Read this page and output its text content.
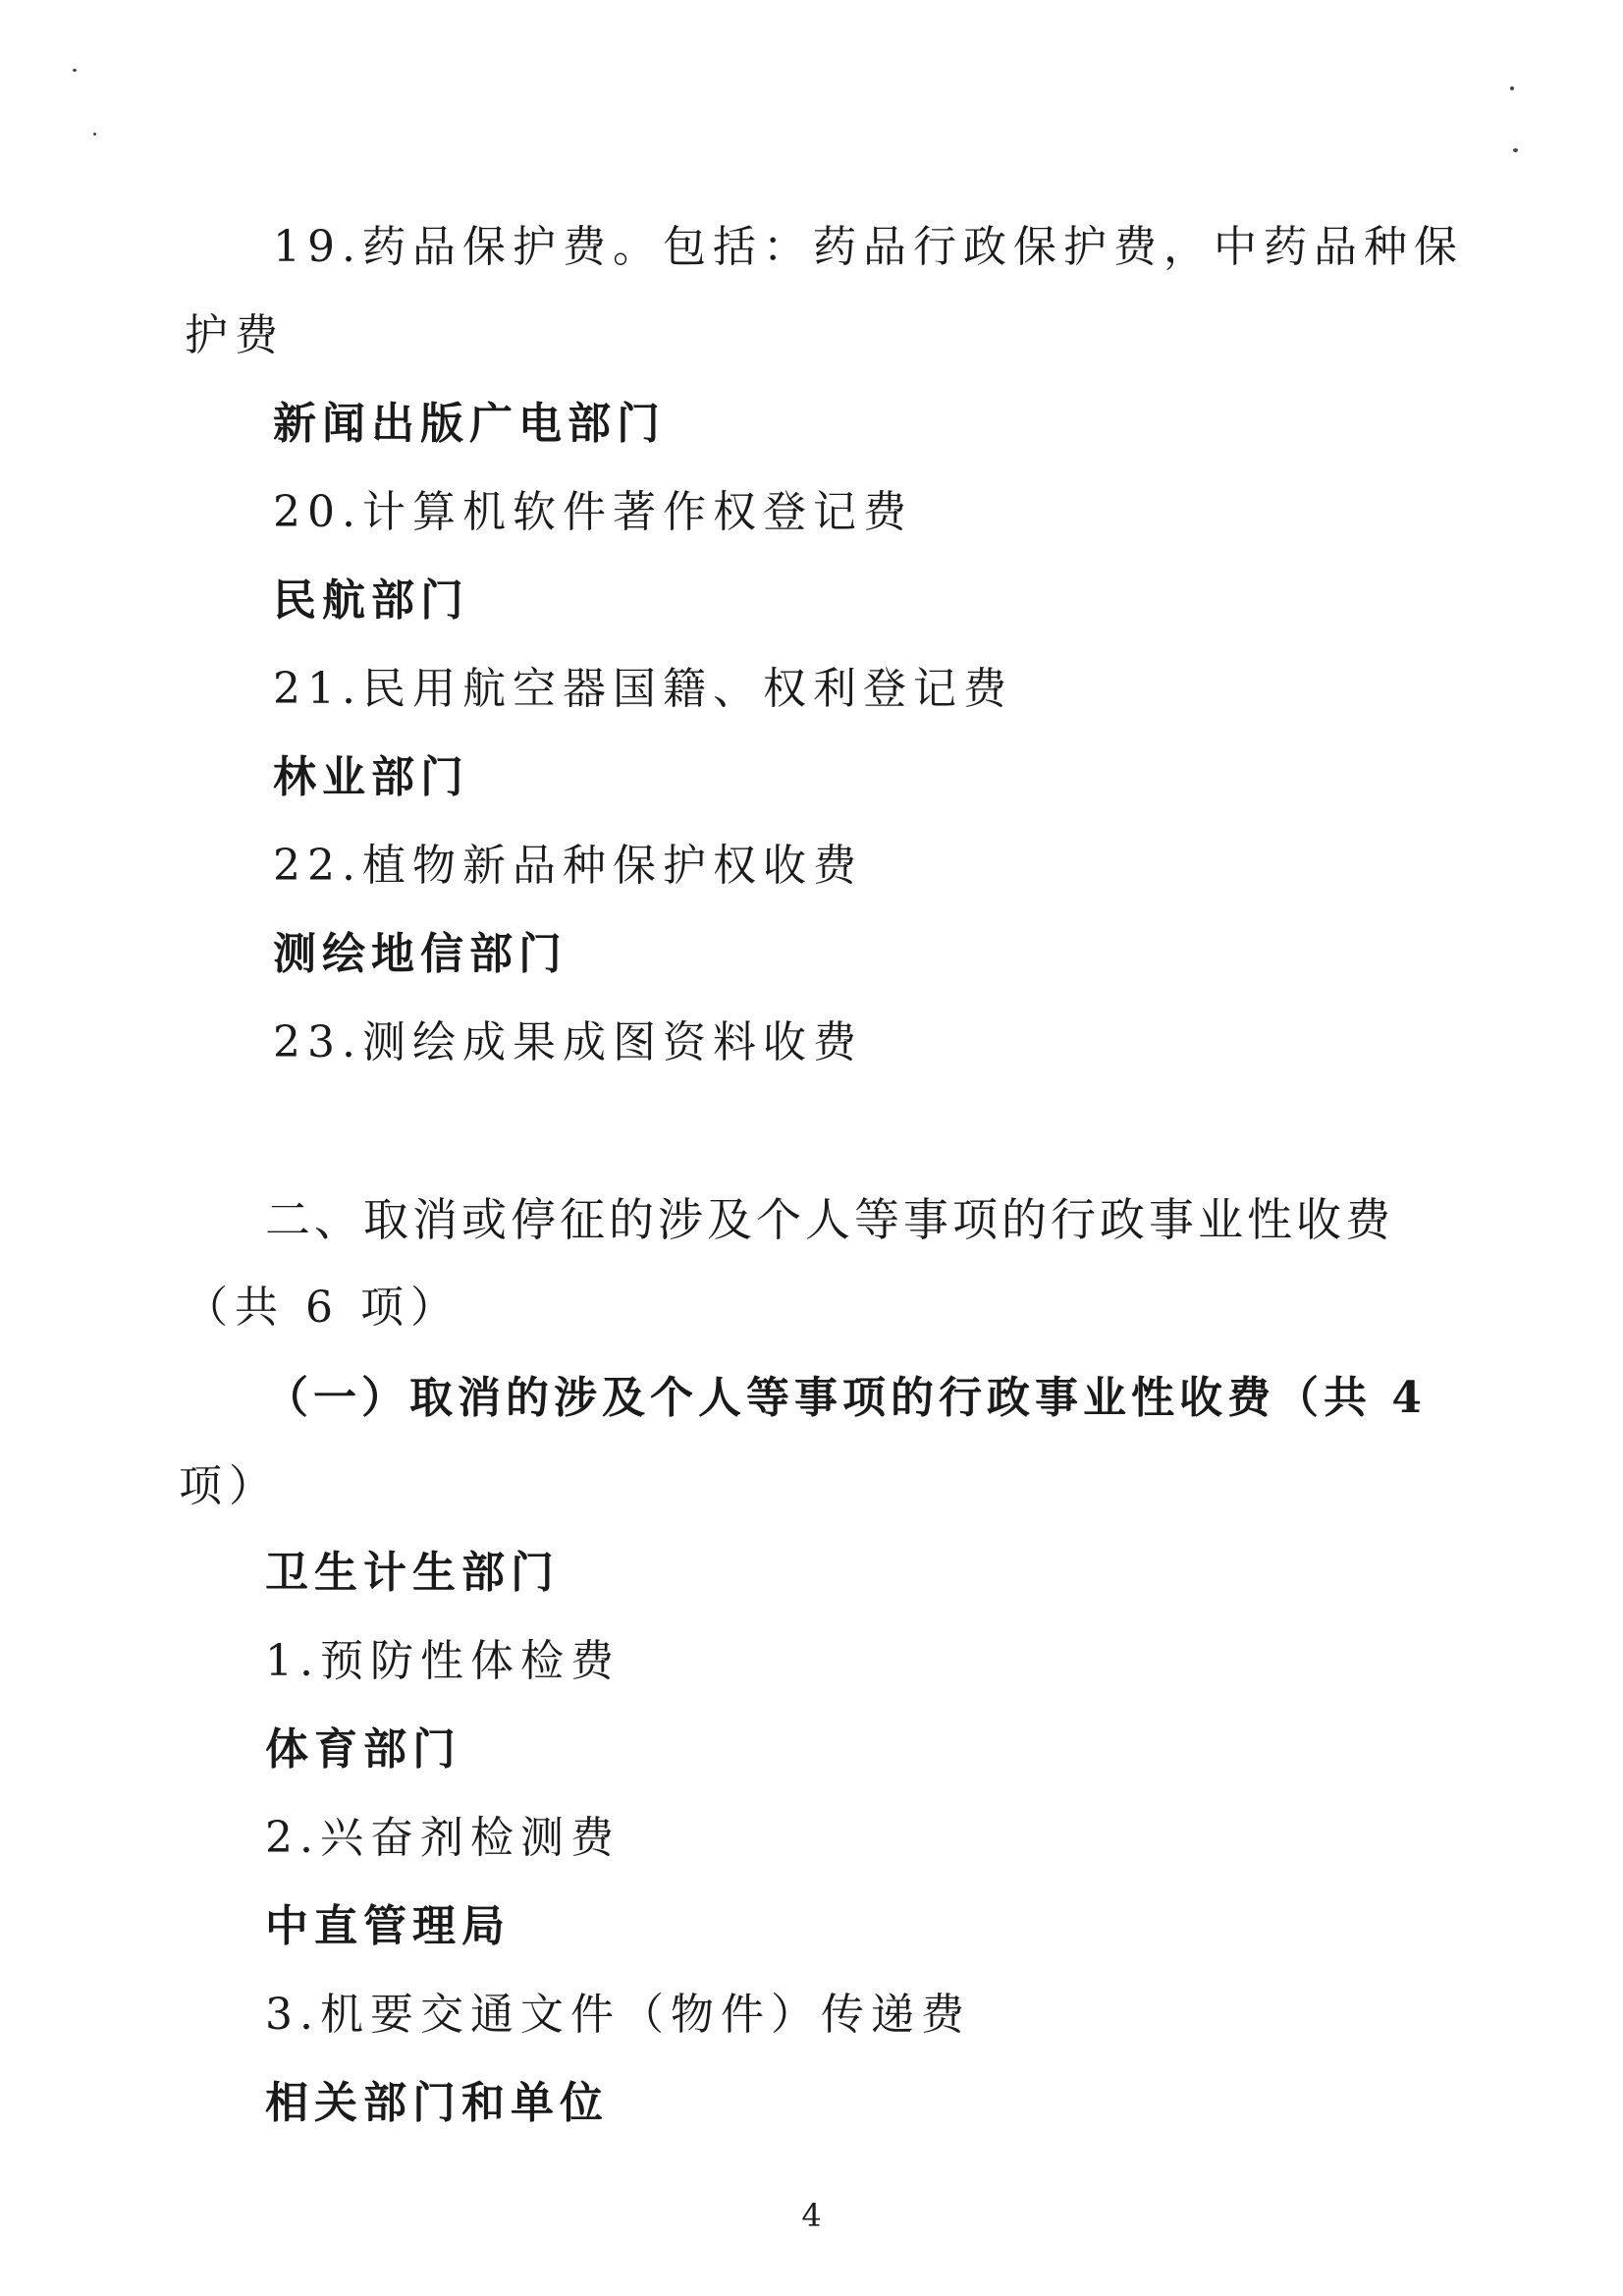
19.药品保护费。包括：药品行政保护费，中药品种保
护费
新闻出版广电部门
20.计算机软件著作权登记费
民航部门
21.民用航空器国籍、权利登记费
林业部门
22.植物新品种保护权收费
测绘地信部门
23.测绘成果成图资料收费
二、取消或停征的涉及个人等事项的行政事业性收费
（共 6 项）
（一）取消的涉及个人等事项的行政事业性收费（共 4
项）
卫生计生部门
1.预防性体检费
体育部门
2.兴奋剂检测费
中直管理局
3.机要交通文件（物件）传递费
相关部门和单位
4
